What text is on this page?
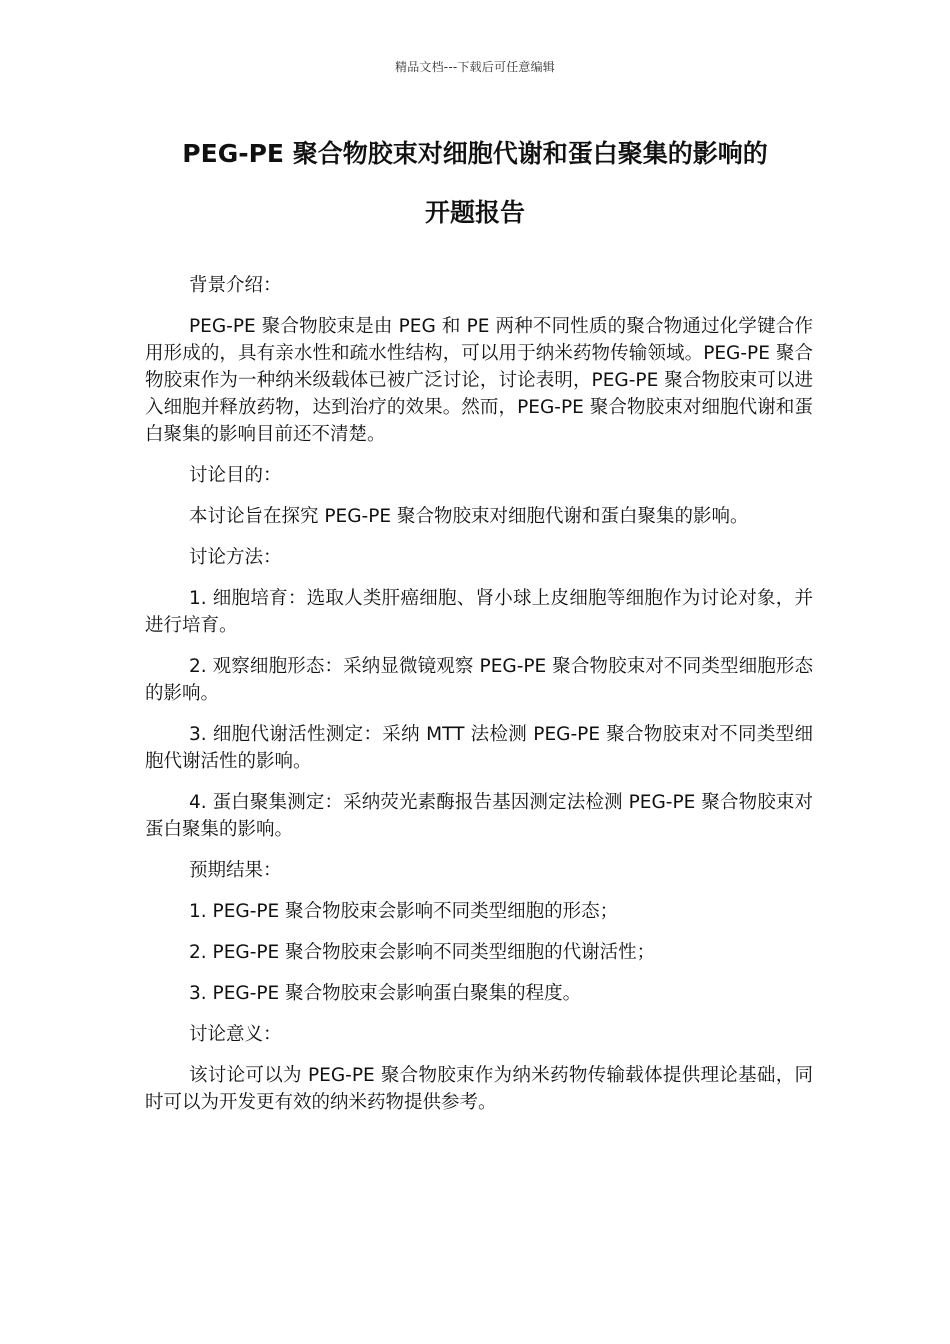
精品文档---下载后可任意编辑
PEG-PE 聚合物胶束对细胞代谢和蛋白聚集的影响的
开题报告

背景介绍：

PEG-PE 聚合物胶束是由 PEG 和 PE 两种不同性质的聚合物通过化学键合作用形成的，具有亲水性和疏水性结构，可以用于纳米药物传输领域。PEG-PE 聚合物胶束作为一种纳米级载体已被广泛讨论，讨论表明，PEG-PE 聚合物胶束可以进入细胞并释放药物，达到治疗的效果。然而，PEG-PE 聚合物胶束对细胞代谢和蛋白聚集的影响目前还不清楚。

讨论目的：

本讨论旨在探究 PEG-PE 聚合物胶束对细胞代谢和蛋白聚集的影响。

讨论方法：

1. 细胞培育：选取人类肝癌细胞、肾小球上皮细胞等细胞作为讨论对象，并进行培育。

2. 观察细胞形态：采纳显微镜观察 PEG-PE 聚合物胶束对不同类型细胞形态的影响。

3. 细胞代谢活性测定：采纳 MTT 法检测 PEG-PE 聚合物胶束对不同类型细胞代谢活性的影响。

4. 蛋白聚集测定：采纳荧光素酶报告基因测定法检测 PEG-PE 聚合物胶束对蛋白聚集的影响。

预期结果：

1. PEG-PE 聚合物胶束会影响不同类型细胞的形态；

2. PEG-PE 聚合物胶束会影响不同类型细胞的代谢活性；

3. PEG-PE 聚合物胶束会影响蛋白聚集的程度。

讨论意义：

该讨论可以为 PEG-PE 聚合物胶束作为纳米药物传输载体提供理论基础，同时可以为开发更有效的纳米药物提供参考。
